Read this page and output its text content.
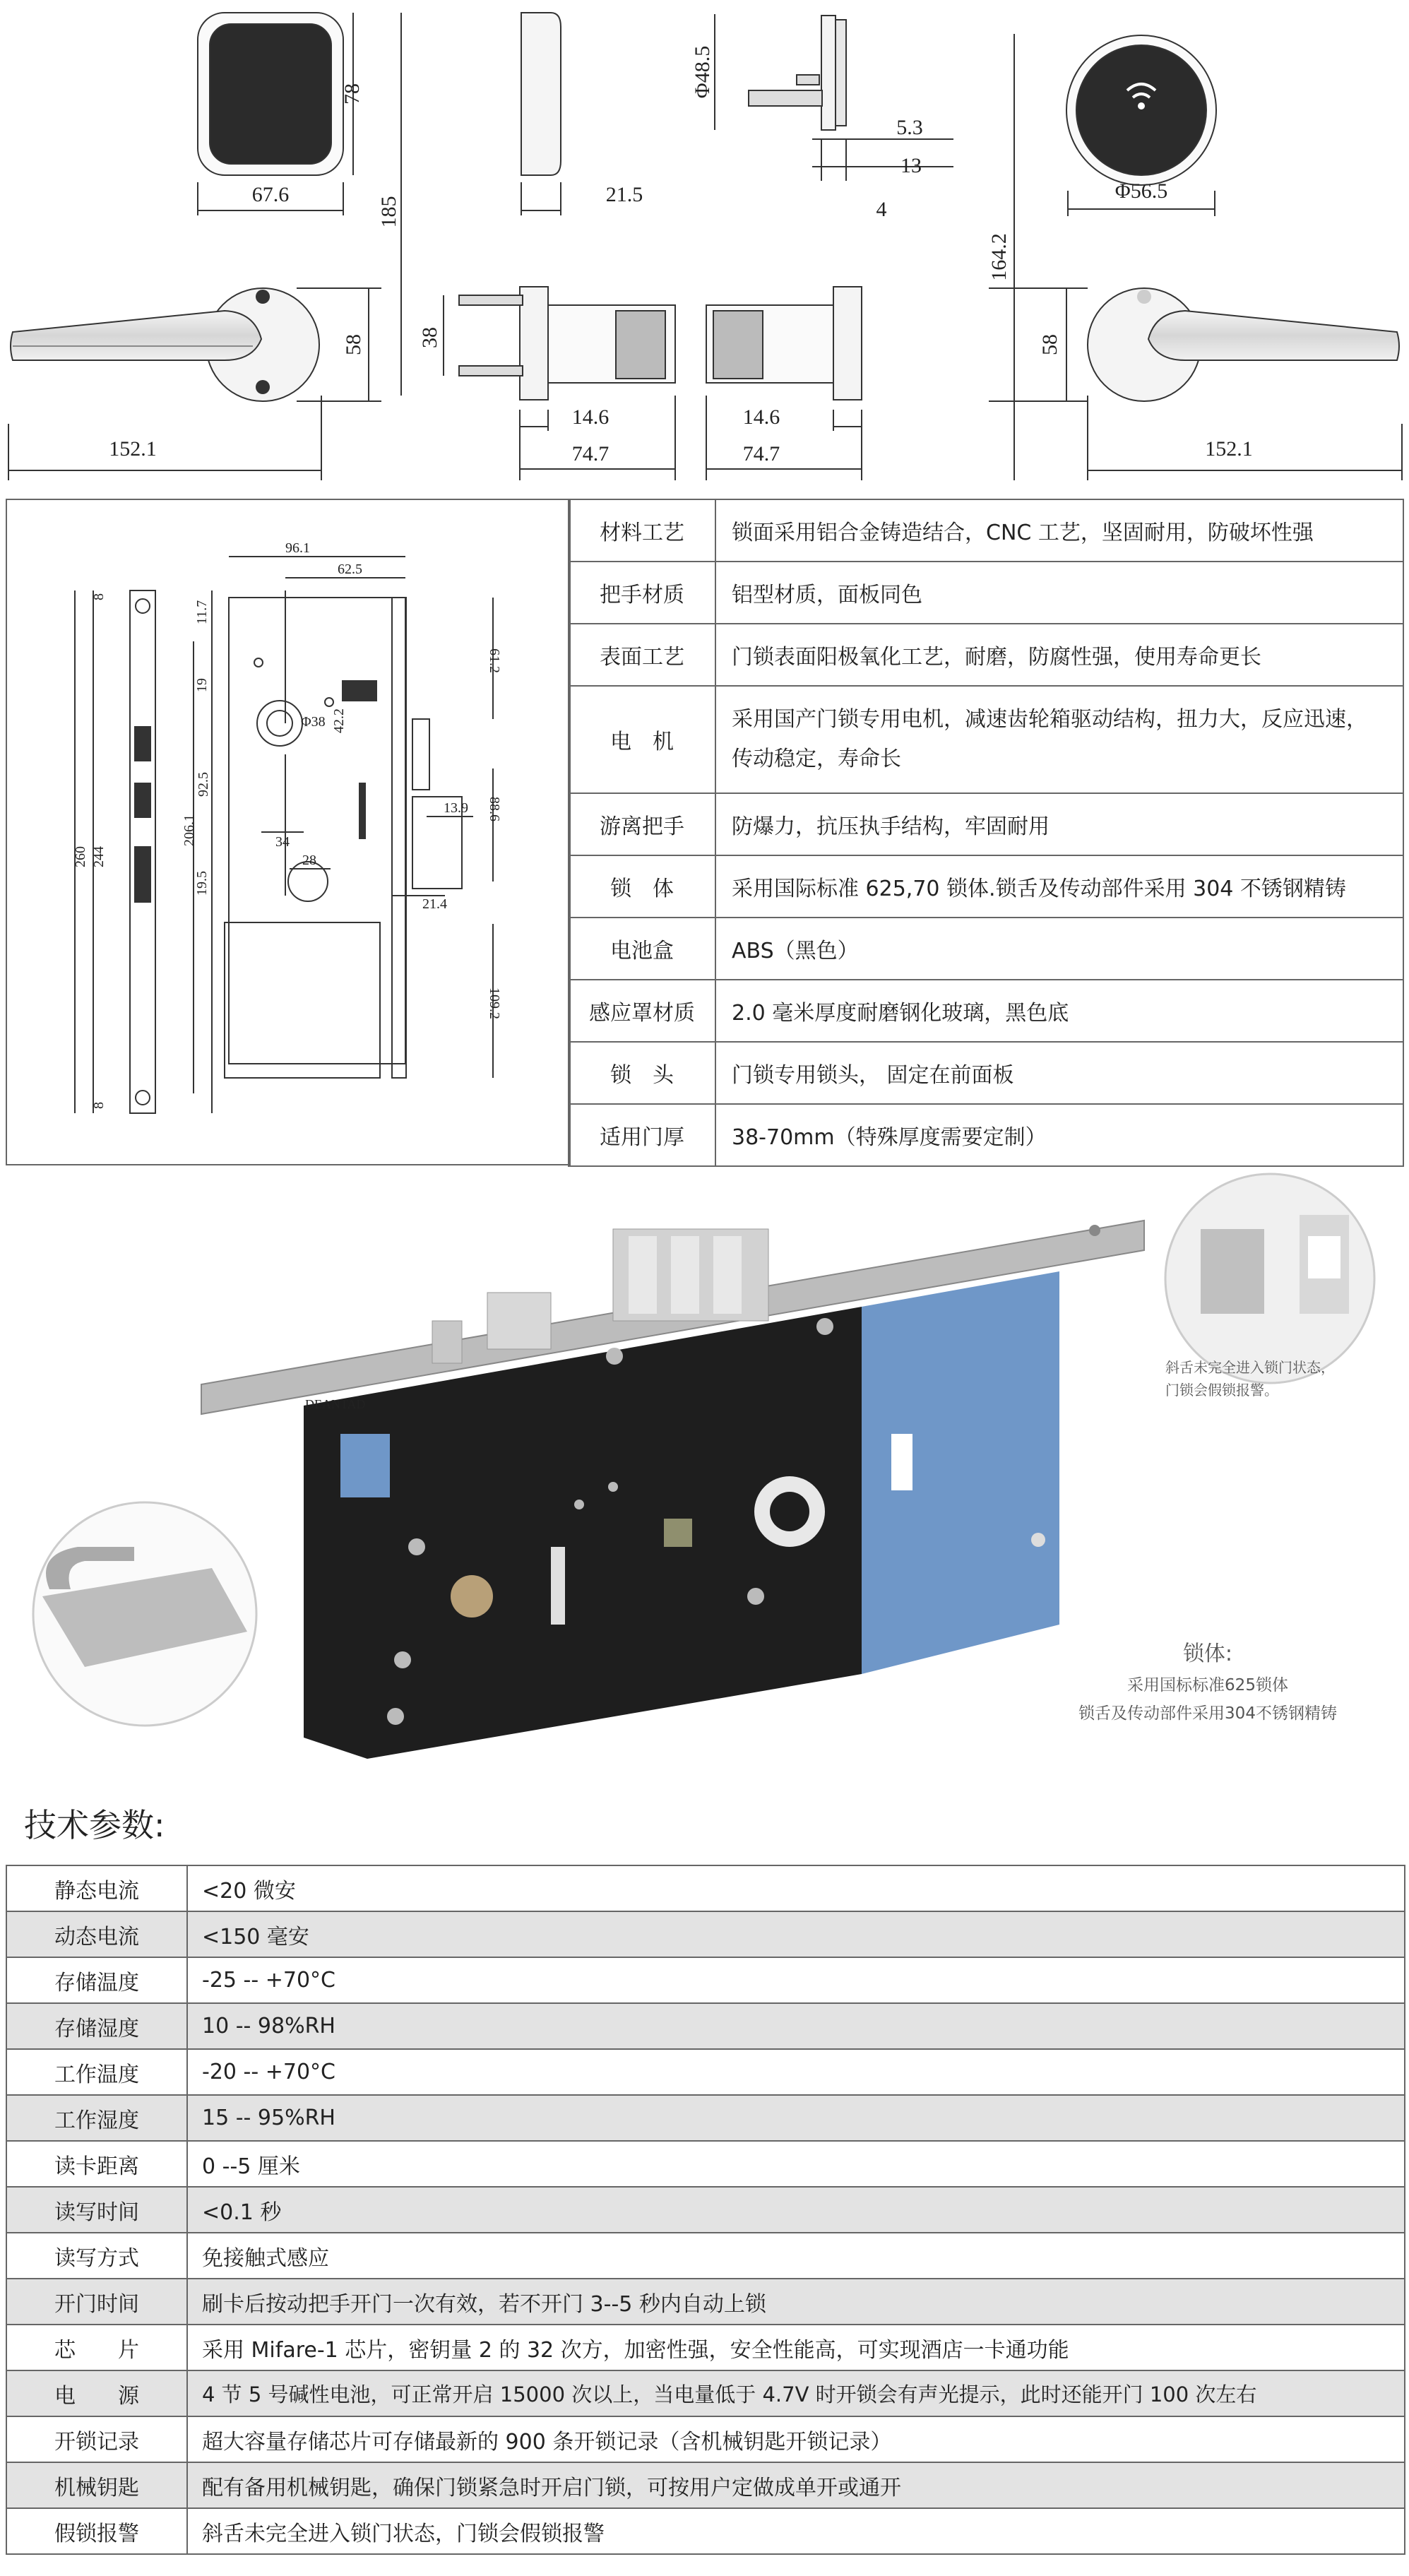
78
67.6
185
58
152.1
21.5
Φ48.5
5.3
13
4
Φ56.5
164.2
58
152.1
38
14.6
74.7
14.6
74.7
96.1
62.5
11.7
19
Φ38 42.2
61.2
34
92.5
206.1
28
13.9 88.6
21.4
109.2
19.5
244
260
8
8
材料工艺	锁面采用铝合金铸造结合，CNC 工艺，坚固耐用，防破坏性强
把手材质	铝型材质，面板同色
表面工艺	门锁表面阳极氧化工艺，耐磨，防腐性强，使用寿命更长
电　机	采用国产门锁专用电机，减速齿轮箱驱动结构，扭力大，反应迅速，传动稳定，寿命长
游离把手	防爆力，抗压执手结构，牢固耐用
锁　体	采用国际标准 625,70 锁体.锁舌及传动部件采用 304 不锈钢精铸
电池盒	ABS（黑色）
感应罩材质	2.0 毫米厚度耐磨钢化玻璃，黑色底
锁　头	门锁专用锁头， 固定在前面板
适用门厚	38-70mm（特殊厚度需要定制）
DEANTAD
斜舌未完全进入锁门状态，
门锁会假锁报警。
锁体:
采用国标标准625锁体
锁舌及传动部件采用304不锈钢精铸
技术参数:
静态电流	<20 微安
动态电流	<150 毫安
存储温度	-25 -- +70°C
存储湿度	10 -- 98%RH
工作温度	-20 -- +70°C
工作湿度	15 -- 95%RH
读卡距离	0 --5 厘米
读写时间	<0.1 秒
读写方式	免接触式感应
开门时间	刷卡后按动把手开门一次有效，若不开门 3--5 秒内自动上锁
芯　　片	采用 Mifare-1 芯片，密钥量 2 的 32 次方，加密性强，安全性能高，可实现酒店一卡通功能
电　　源	4 节 5 号碱性电池，可正常开启 15000 次以上，当电量低于 4.7V 时开锁会有声光提示，此时还能开门 100 次左右
开锁记录	超大容量存储芯片可存储最新的 900 条开锁记录（含机械钥匙开锁记录）
机械钥匙	配有备用机械钥匙，确保门锁紧急时开启门锁，可按用户定做成单开或通开
假锁报警	斜舌未完全进入锁门状态，门锁会假锁报警
